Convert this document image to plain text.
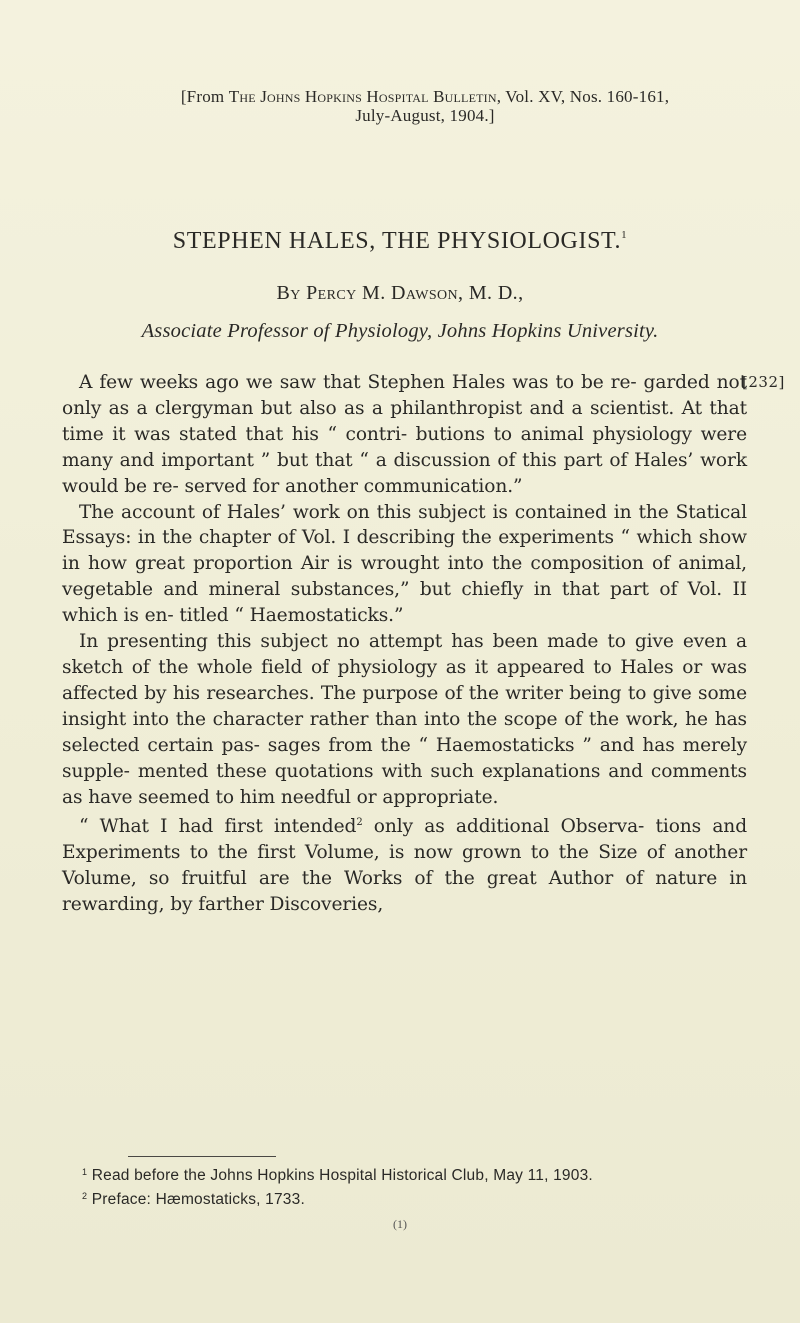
[From The Johns Hopkins Hospital Bulletin, Vol. XV, Nos. 160-161,
July-August, 1904.]
STEPHEN HALES, THE PHYSIOLOGIST.$^1$
By Percy M. Dawson, M. D.,
Associate Professor of Physiology, Johns Hopkins University.
[232]

A few weeks ago we saw that Stephen Hales was to be re- garded not only as a clergyman but also as a philanthropist and a scientist. At that time it was stated that his “ contri- butions to animal physiology were many and important ” but that “ a discussion of this part of Hales’ work would be re- served for another communication.”

The account of Hales’ work on this subject is contained in the Statical Essays: in the chapter of Vol. I describing the experiments “ which show in how great proportion Air is wrought into the composition of animal, vegetable and mineral substances,” but chiefly in that part of Vol. II which is en- titled “ Haemostaticks.”

In presenting this subject no attempt has been made to give even a sketch of the whole field of physiology as it appeared to Hales or was affected by his researches. The purpose of the writer being to give some insight into the character rather than into the scope of the work, he has selected certain pas- sages from the “ Haemostaticks ” and has merely supple- mented these quotations with such explanations and comments as have seemed to him needful or appropriate.

“ What I had first intended$^2$ only as additional Observa- tions and Experiments to the first Volume, is now grown to the Size of another Volume, so fruitful are the Works of the great Author of nature in rewarding, by farther Discoveries,

$^1$ Read before the Johns Hopkins Hospital Historical Club, May 11, 1903.

$^2$ Preface: Hæmostaticks, 1733.

(1)
